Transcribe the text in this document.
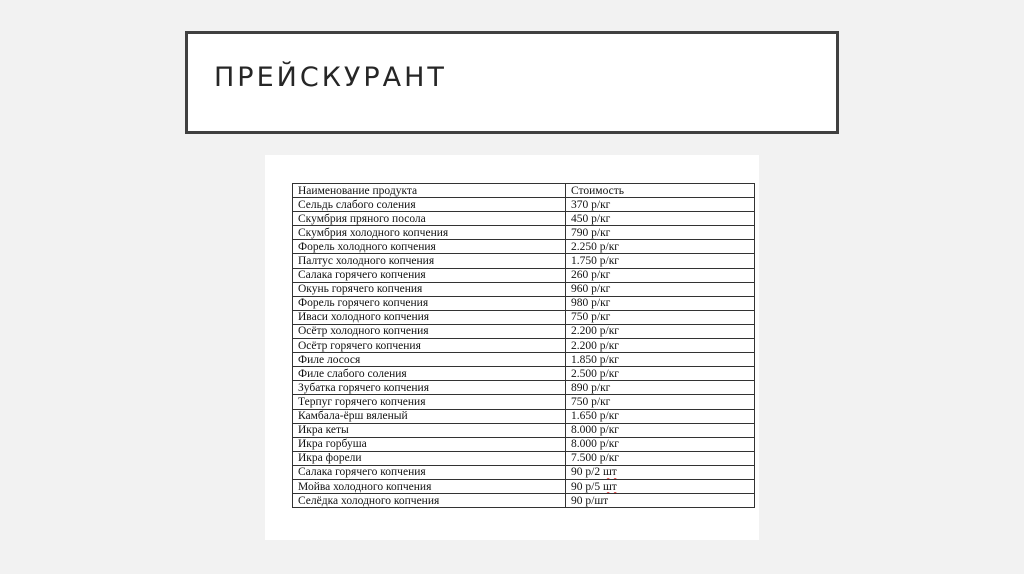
ПРЕЙСКУРАНТ
Наименование продукта	Стоимость
Сельдь слабого соления	370 р/кг
Скумбрия пряного посола	450 р/кг
Скумбрия холодного копчения	790 р/кг
Форель холодного копчения	2.250 р/кг
Палтус холодного копчения	1.750 р/кг
Салака горячего копчения	260 р/кг
Окунь горячего копчения	960 р/кг
Форель горячего копчения	980 р/кг
Иваси холодного копчения	750 р/кг
Осётр холодного копчения	2.200 р/кг
Осётр горячего копчения	2.200 р/кг
Филе лосося	1.850 р/кг
Филе слабого соления	2.500 р/кг
Зубатка горячего копчения	890 р/кг
Терпуг горячего копчения	750 р/кг
Камбала-ёрш вяленый	1.650 р/кг
Икра кеты	8.000 р/кг
Икра горбуша	8.000 р/кг
Икра форели	7.500 р/кг
Салака горячего копчения	90 р/2 шт
Мойва холодного копчения	90 р/5 шт
Селёдка холодного копчения	90 р/шт
